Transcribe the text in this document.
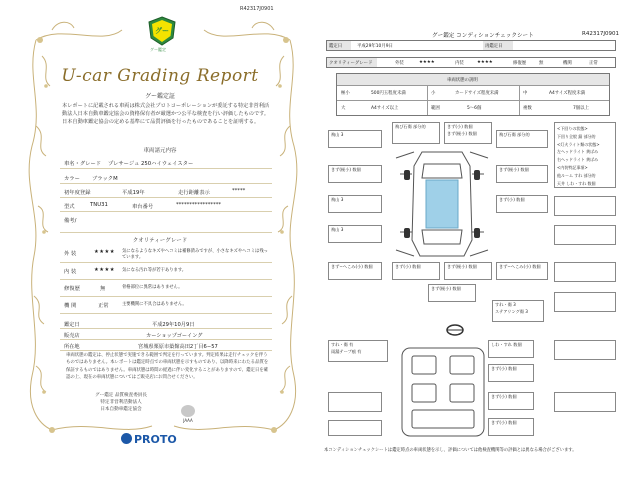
R42317J0901
グー
グー鑑定
U-car Grading Report
グー鑑定証
本レポートに記載される車両は株式会社プロトコーポレーションが委託する特定非営利活動法人日本自動車鑑定協会の資格保有者が厳選かつ公平な検査を行い評価したものです。日本自動車鑑定協会の定める基準にて品質評価を行ったものであることを証明する。
車両諸元内容
車名・グレード プレサージュ 250ハイウェイスター
カラー ブラックM
初年度登録	平成19年	走行距離表示	*****
型式	TNU31	車台番号	*****************
備考/
クオリティーグレード
外 装	★★★★ 気になるようなキズやヘコミは補修済みですが、小さなキズやヘコミは残っています。
内 装	★★★★ 気になる汚れ等が若干あります。
修復歴	無	骨格部位に異常はありません。
機 関	正常	主要機関に不具合はありません。
鑑定日	平成29年10月9日
販売店	カーショップゴーイング
所在地	宮城県栗原市築館高田2丁目6−57
車両状態の鑑定は、停止状態で実施できる範囲で判定を行っています。判定結果は走行チェックを伴うものではありません。本レポートは鑑定時点での車両状態を示すものであり、以降時来にわたる品質を保証するものではありません。車両状態は時間の経過に伴い変化することがありますので、鑑定日を確認の上、現在の車両状態についてはご販売店にお問合せください。
グー鑑定 品質検査委員長
特定非営利活動法人
日本自動車鑑定協会
JAAA
PROTO
グー鑑定 コンディションチェックシート	R42317J0901
鑑定日	平成29年10月9日	再鑑定日
クオリティーグレード	外装	★★★★	内装	★★★★	修復歴	無	機関	正常
車両状態の説明
極小	500円玉程度未満	小	カードサイズ程度未満	中	A4サイズ程度未満
大	A4サイズ以上	範囲	5〜6個	複数	7個以上
飛山 3
きず(極小) 数個
飛山 3
飛山 3
きず−へこみ(小) 数個
すれ・傷 有
雨漏テープ痕 有
飛び石傷 部分的
きず(極小) 数個
きず(小) 数個
きず−へこみ(小) 数個
しわ・すれ 数個
きず(小) 数個
きず(小) 数個
きず(小) 数個
飛び石傷 部分的	きず(小) 数個
きず(極小) 数個
きず(極小) 数個
すれ・傷 3
ステアリング傷 3
きず(小) 数個	きず(極小) 数個
<下回りの状態>
下回り全般 錆 部分的
<灯火ライト類の状態>
左ヘッドライト 黄ばみ
右ヘッドライト 黄ばみ
<内装特記事項>
他ルーム すれ 部分的
天井 しわ・すれ 数個
本コンディションチェックシートは鑑定時点の車両状態を示し、評価については他検査機関等の評価とは異なる場合がございます。
